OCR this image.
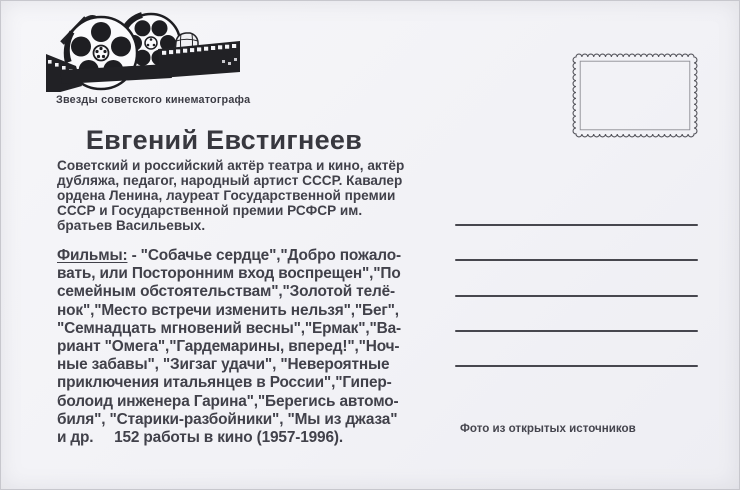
Звезды советского кинематографа
Евгений Евстигнеев
Советский и российский актёр театра и кино, актёр
дубляжа, педагог, народный артист СССР. Кавалер
ордена Ленина, лауреат Государственной премии
СССР и Государственной премии РСФСР им.
братьев Васильевых.
Фильмы: - "Собачье сердце","Добро пожало-
вать, или Посторонним вход воспрещен","По
семейным обстоятельствам","Золотой телё-
нок","Место встречи изменить нельзя","Бег",
"Семнадцать мгновений весны","Ермак","Ва-
риант "Омега","Гардемарины, вперед!","Ноч-
ные забавы", "Зигзаг удачи", "Невероятные
приключения итальянцев в России","Гипер-
болоид инженера Гарина","Берегись автомо-
биля", "Старики-разбойники", "Мы из джаза"
и др.     152 работы в кино (1957-1996).
Фото из открытых источников
